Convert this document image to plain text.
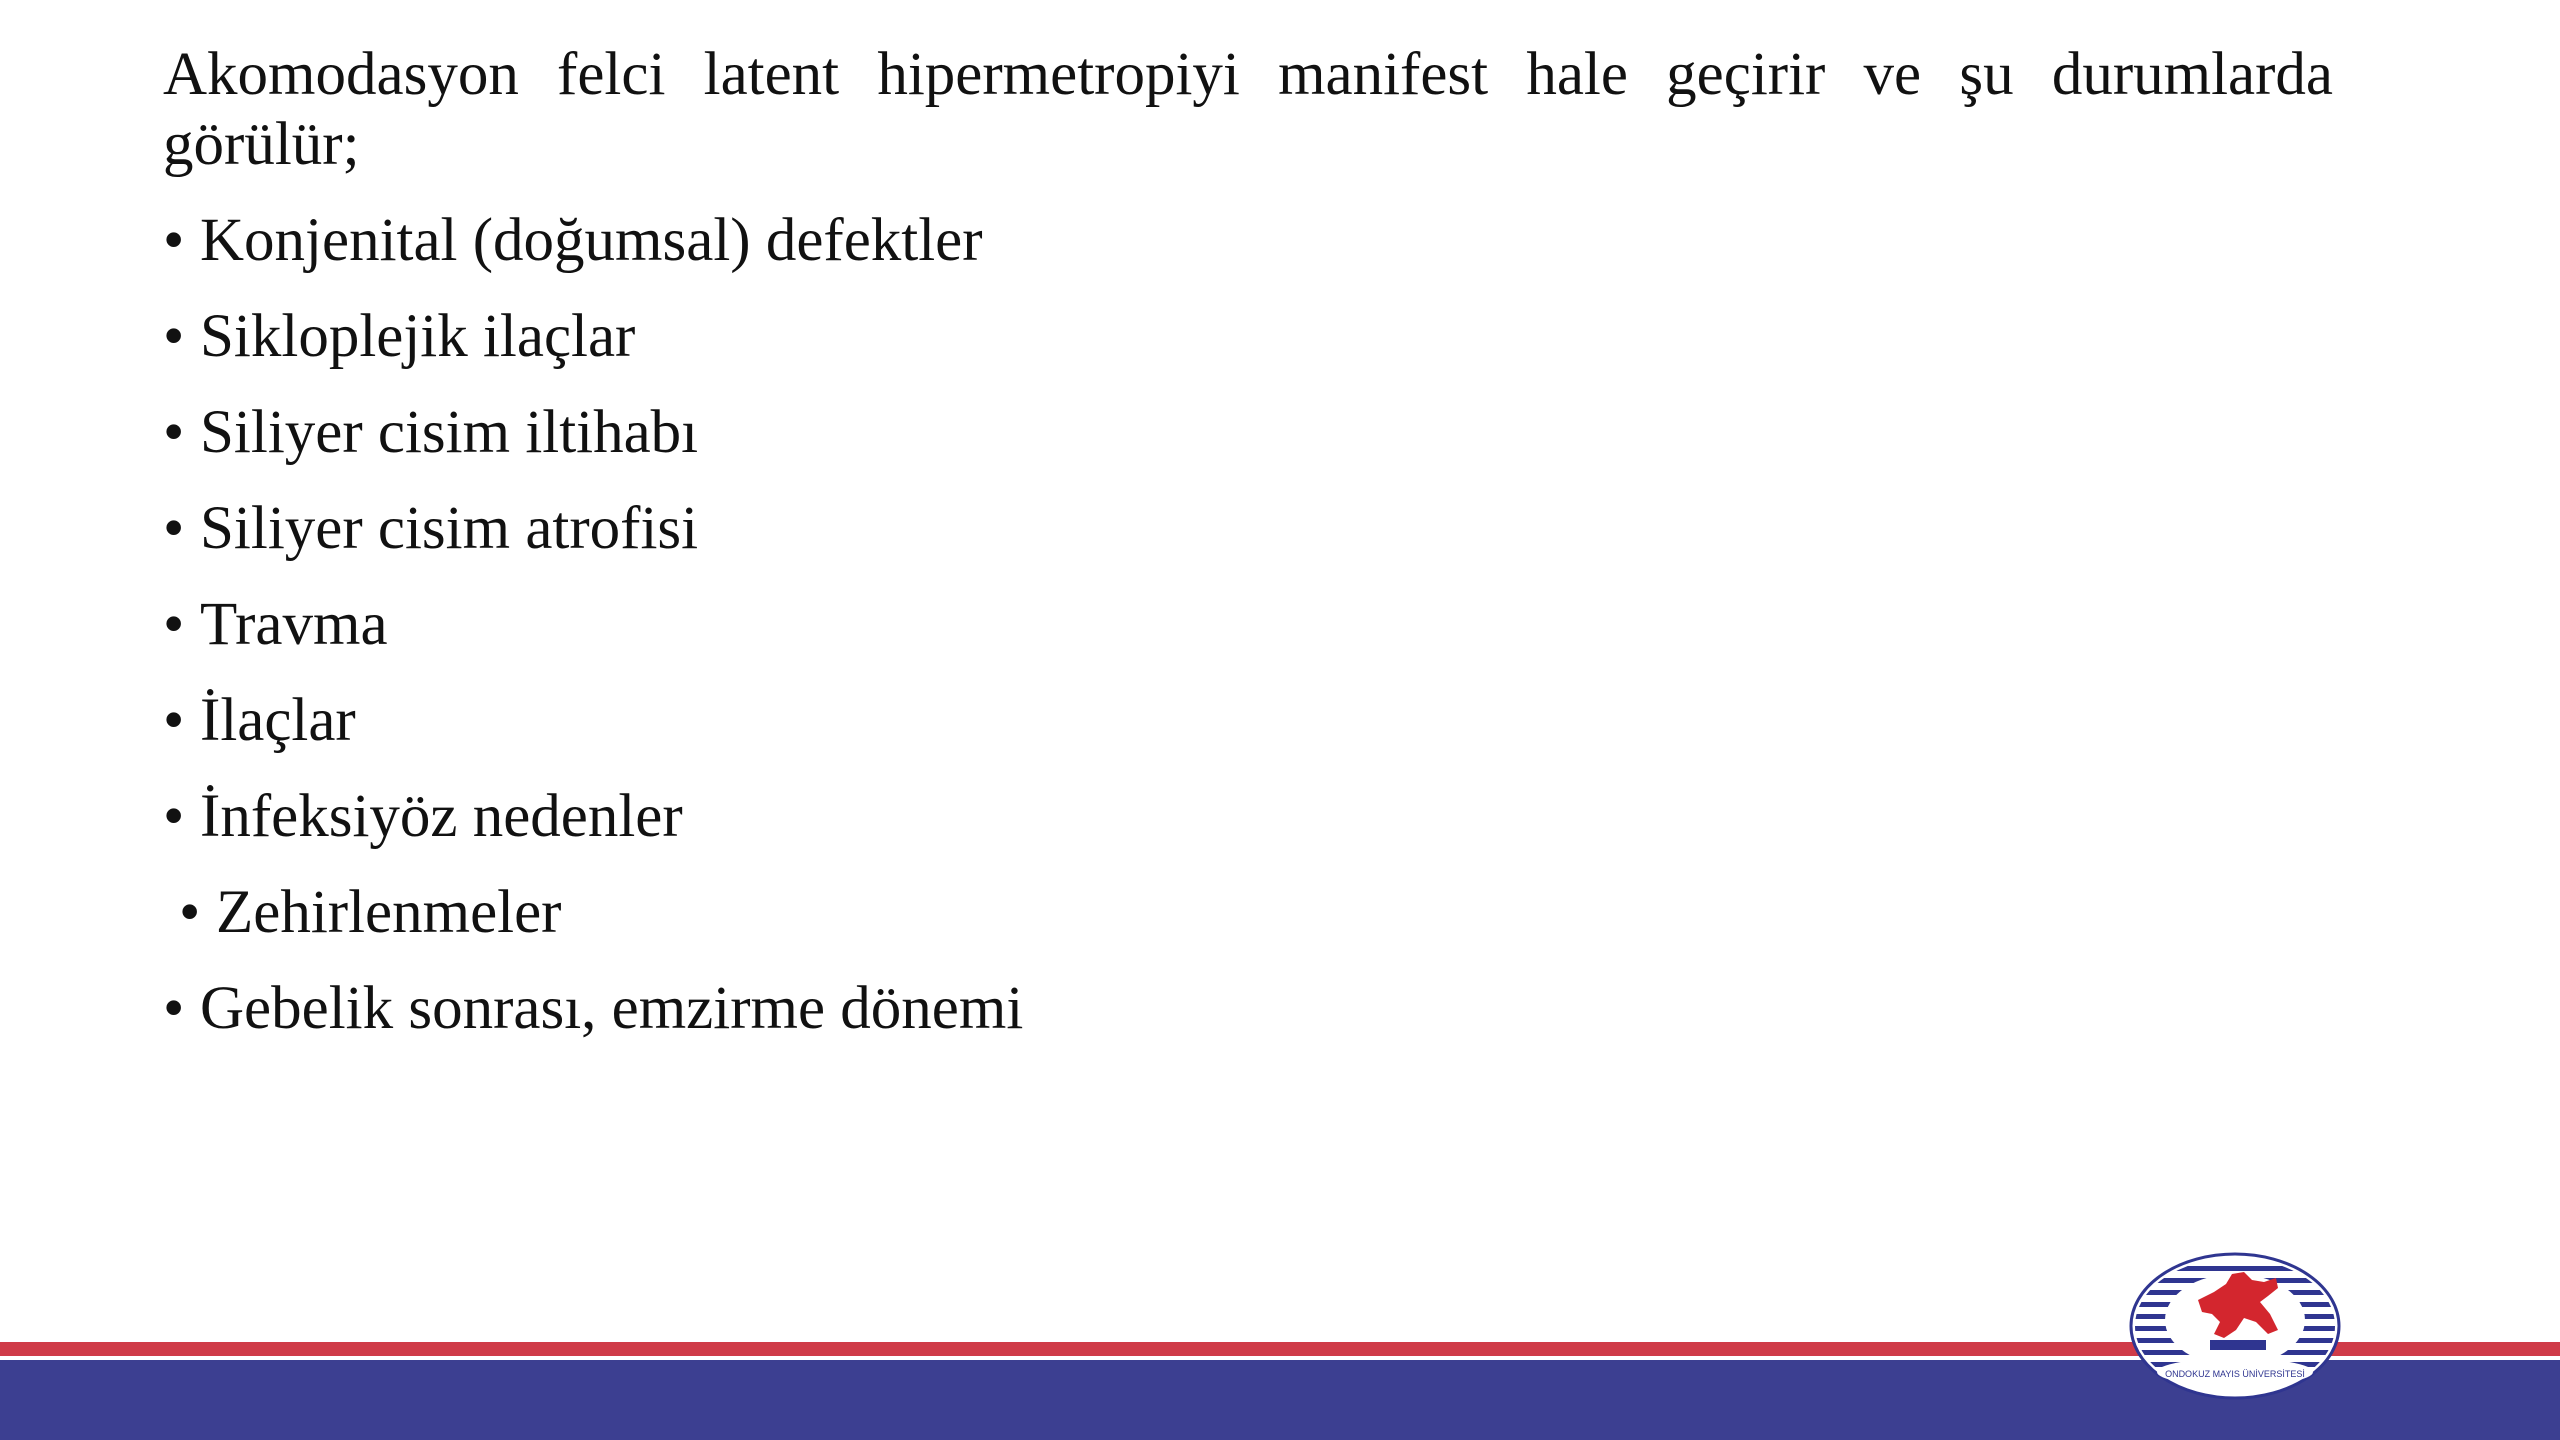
Akomodasyon felci latent hipermetropiyi manifest hale geçirir ve şu durumlarda görülür;

• Konjenital (doğumsal) defektler
• Sikloplejik ilaçlar
• Siliyer cisim iltihabı
• Siliyer cisim atrofisi
• Travma
• İlaçlar
• İnfeksiyöz nedenler
• Zehirlenmeler
• Gebelik sonrası, emzirme dönemi
ONDOKUZ MAYIS ÜNİVERSİTESİ
